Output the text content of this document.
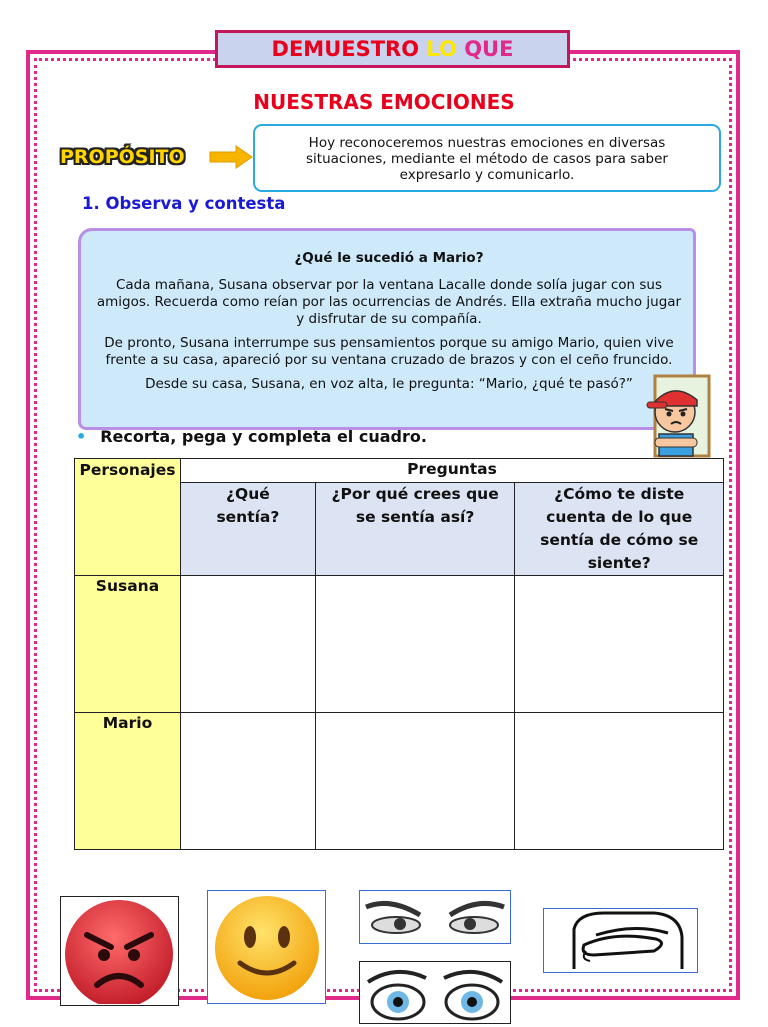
DEMUESTRO LO QUE
NUESTRAS EMOCIONES
PROPÓSITO
Hoy reconoceremos nuestras emociones en diversas situaciones, mediante el método de casos para saber expresarlo y comunicarlo.
1. Observa y contesta

¿Qué le sucedió a Mario?

Cada mañana, Susana observar por la ventana Lacalle donde solía jugar con sus amigos. Recuerda como reían por las ocurrencias de Andrés. Ella extraña mucho jugar y disfrutar de su compañía.

De pronto, Susana interrumpe sus pensamientos porque su amigo Mario, quien vive frente a su casa, apareció por su ventana cruzado de brazos y con el ceño fruncido.

Desde su casa, Susana, en voz alta, le pregunta: “Mario, ¿qué te pasó?”

• Recorta, pega y completa el cuadro.
Personajes	Preguntas		

	¿Qué sentía?	¿Por qué crees que se sentía así?	¿Cómo te diste cuenta de lo que sentía de cómo se siente?

Susana			
Mario			
